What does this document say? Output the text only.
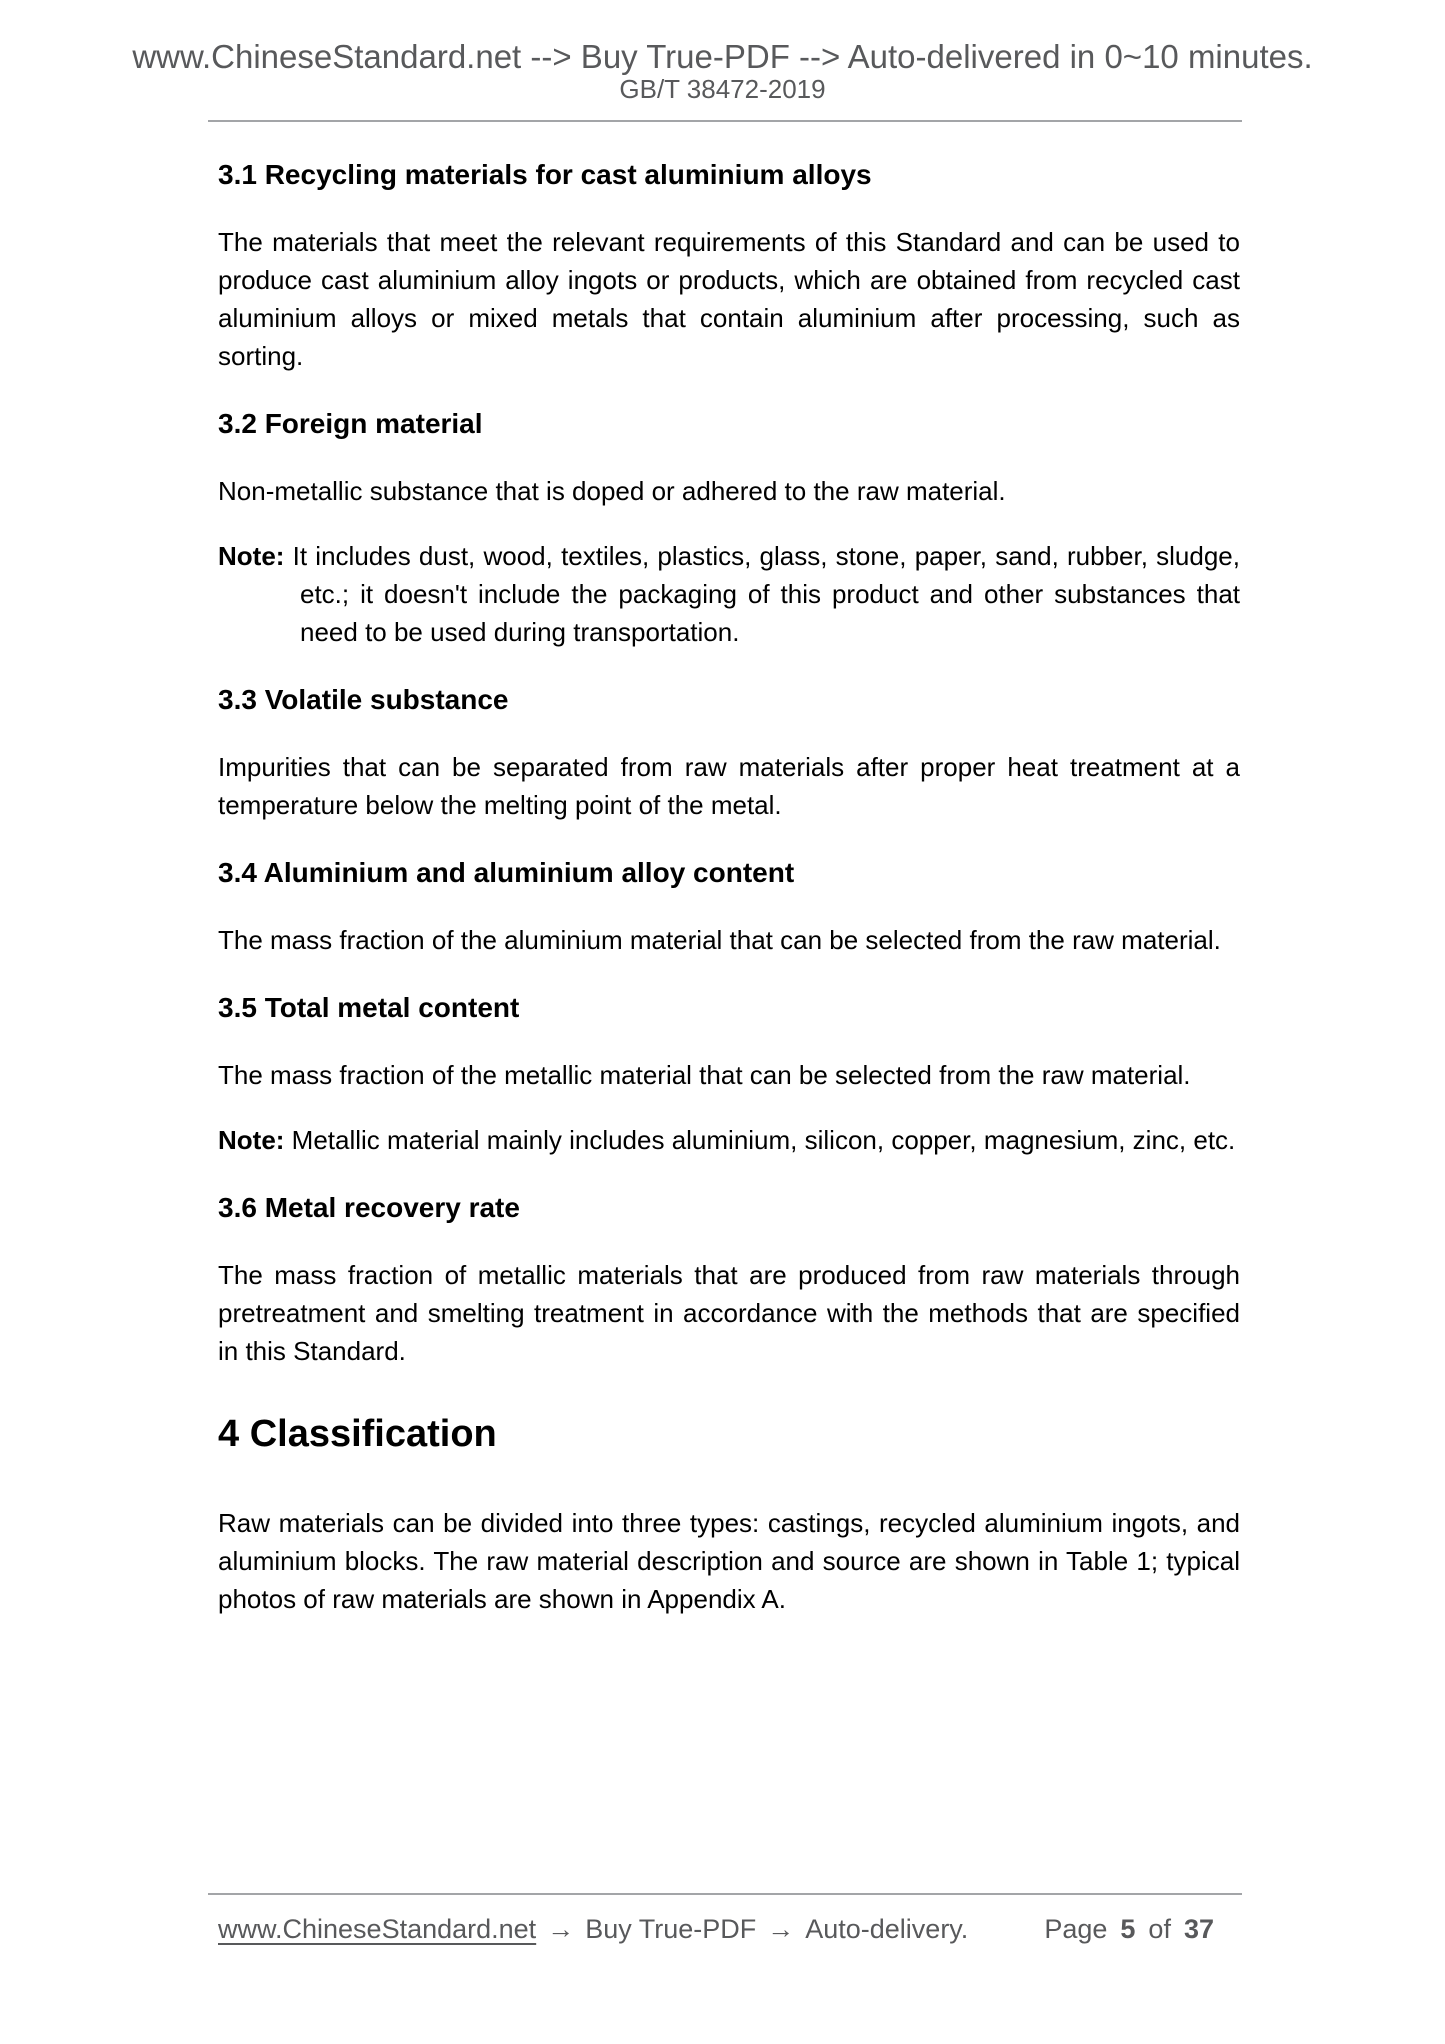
www.ChineseStandard.net --> Buy True-PDF --> Auto-delivered in 0~10 minutes.
GB/T 38472-2019
3.1 Recycling materials for cast aluminium alloys

The materials that meet the relevant requirements of this Standard and can be used to produce cast aluminium alloy ingots or products, which are obtained from recycled cast aluminium alloys or mixed metals that contain aluminium after processing, such as sorting.

3.2 Foreign material

Non-metallic substance that is doped or adhered to the raw material.

Note: It includes dust, wood, textiles, plastics, glass, stone, paper, sand, rubber, sludge, etc.; it doesn't include the packaging of this product and other substances that need to be used during transportation.

3.3 Volatile substance

Impurities that can be separated from raw materials after proper heat treatment at a temperature below the melting point of the metal.

3.4 Aluminium and aluminium alloy content

The mass fraction of the aluminium material that can be selected from the raw material.

3.5 Total metal content

The mass fraction of the metallic material that can be selected from the raw material.

Note: Metallic material mainly includes aluminium, silicon, copper, magnesium, zinc, etc.

3.6 Metal recovery rate

The mass fraction of metallic materials that are produced from raw materials through pretreatment and smelting treatment in accordance with the methods that are specified in this Standard.

4 Classification

Raw materials can be divided into three types: castings, recycled aluminium ingots, and aluminium blocks. The raw material description and source are shown in Table 1; typical photos of raw materials are shown in Appendix A.

www.ChineseStandard.net → Buy True-PDF → Auto-delivery.	Page 5 of 37
